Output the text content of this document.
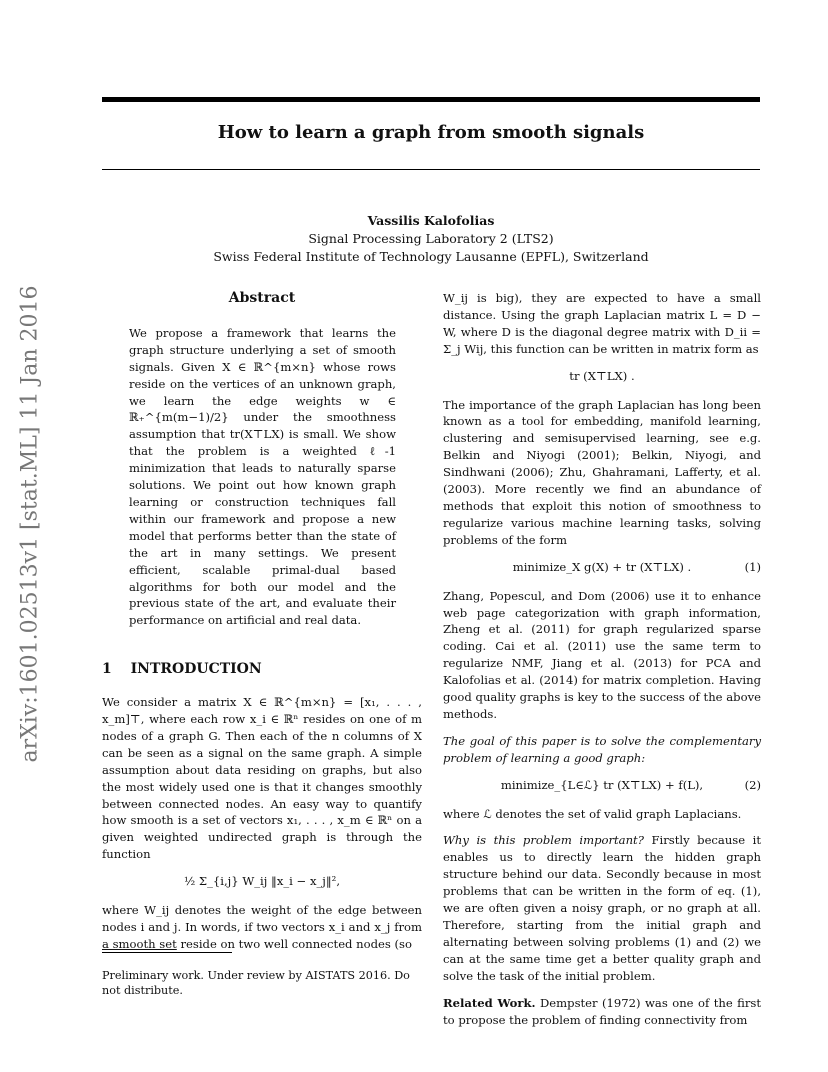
arXiv:1601.02513v1 [stat.ML] 11 Jan 2016
How to learn a graph from smooth signals
Vassilis Kalofolias
Signal Processing Laboratory 2 (LTS2)
Swiss Federal Institute of Technology Lausanne (EPFL), Switzerland
Abstract

We propose a framework that learns the graph structure underlying a set of smooth signals. Given X ∈ ℝ^{m×n} whose rows reside on the vertices of an unknown graph, we learn the edge weights w ∈ ℝ₊^{m(m−1)/2} under the smoothness assumption that tr(X⊤LX) is small. We show that the problem is a weighted ℓ-1 minimization that leads to naturally sparse solutions. We point out how known graph learning or construction techniques fall within our framework and propose a new model that performs better than the state of the art in many settings. We present efficient, scalable primal-dual based algorithms for both our model and the previous state of the art, and evaluate their performance on artificial and real data.

1 INTRODUCTION

We consider a matrix X ∈ ℝ^{m×n} = [x₁, . . . , x_m]⊤, where each row x_i ∈ ℝⁿ resides on one of m nodes of a graph G. Then each of the n columns of X can be seen as a signal on the same graph. A simple assumption about data residing on graphs, but also the most widely used one is that it changes smoothly between connected nodes. An easy way to quantify how smooth is a set of vectors x₁, . . . , x_m ∈ ℝⁿ on a given weighted undirected graph is through the function

½ Σ_{i,j} W_ij ‖x_i − x_j‖²,

where W_ij denotes the weight of the edge between nodes i and j. In words, if two vectors x_i and x_j from a smooth set reside on two well connected nodes (so

Preliminary work. Under review by AISTATS 2016. Do not distribute.

W_ij is big), they are expected to have a small distance. Using the graph Laplacian matrix L = D − W, where D is the diagonal degree matrix with D_ii = Σ_j Wij, this function can be written in matrix form as

tr (X⊤LX) .

The importance of the graph Laplacian has long been known as a tool for embedding, manifold learning, clustering and semisupervised learning, see e.g. Belkin and Niyogi (2001); Belkin, Niyogi, and Sindhwani (2006); Zhu, Ghahramani, Lafferty, et al. (2003). More recently we find an abundance of methods that exploit this notion of smoothness to regularize various machine learning tasks, solving problems of the form

minimize_X g(X) + tr (X⊤LX) .	(1)

Zhang, Popescul, and Dom (2006) use it to enhance web page categorization with graph information, Zheng et al. (2011) for graph regularized sparse coding. Cai et al. (2011) use the same term to regularize NMF, Jiang et al. (2013) for PCA and Kalofolias et al. (2014) for matrix completion. Having good quality graphs is key to the success of the above methods.

The goal of this paper is to solve the complementary problem of learning a good graph:

minimize_{L∈ℒ} tr (X⊤LX) + f(L),	(2)

where ℒ denotes the set of valid graph Laplacians.

Why is this problem important? Firstly because it enables us to directly learn the hidden graph structure behind our data. Secondly because in most problems that can be written in the form of eq. (1), we are often given a noisy graph, or no graph at all. Therefore, starting from the initial graph and alternating between solving problems (1) and (2) we can at the same time get a better quality graph and solve the task of the initial problem.

Related Work. Dempster (1972) was one of the first to propose the problem of finding connectivity from
